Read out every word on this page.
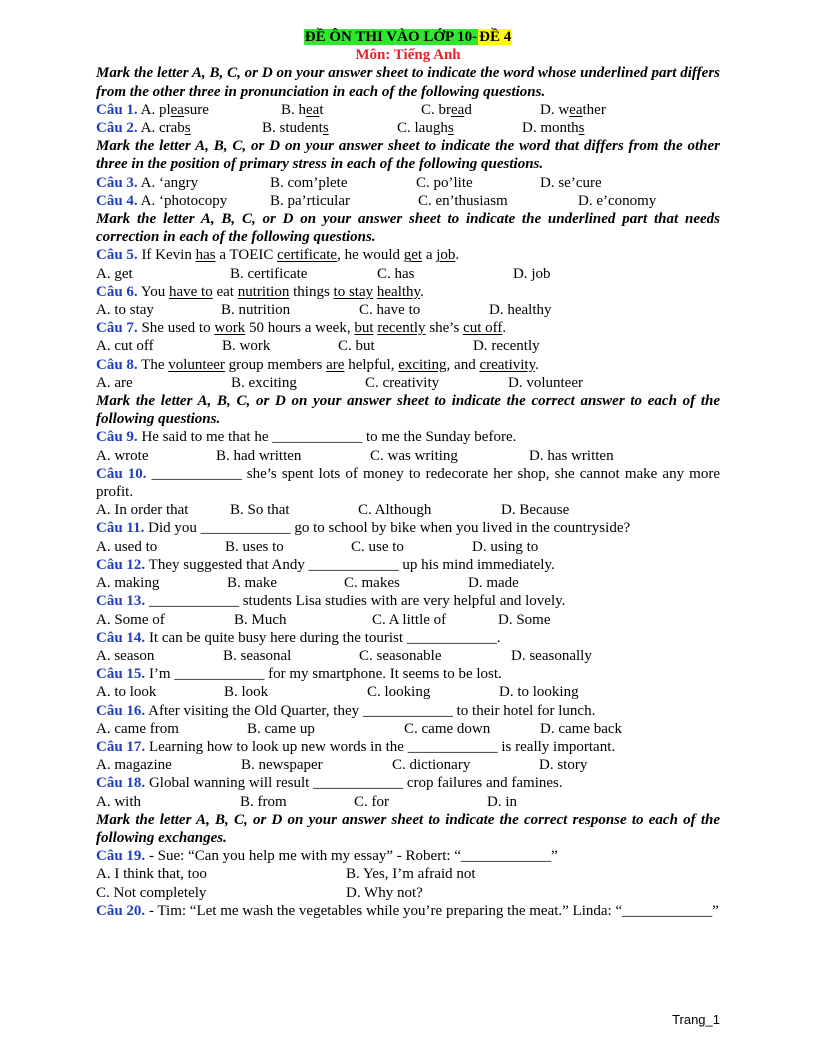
ĐỀ ÔN THI VÀO LỚP 10- ĐỀ 4
Môn: Tiếng Anh
Mark the letter A, B, C, or D on your answer sheet to indicate the word whose underlined part differs from the other three in pronunciation in each of the following questions.
Câu 1. A. pleasure	B. heat	C. bread	D. weather
Câu 2. A. crabs	B. students	C. laughs	D. months
Mark the letter A, B, C, or D on your answer sheet to indicate the word that differs from the other three in the position of primary stress in each of the following questions.
Câu 3. A. ‘angry	B. com’plete	C. po’lite	D. se’cure
Câu 4. A. ‘photocopy	B. pa’rticular	C. en’thusiasm	D. e’conomy
Mark the letter A, B, C, or D on your answer sheet to indicate the underlined part that needs correction in each of the following questions.
Câu 5. If Kevin has a TOEIC certificate, he would get a job.
A. get	B. certificate	C. has	D. job
Câu 6. You have to eat nutrition things to stay healthy.
A. to stay	B. nutrition	C. have to	D. healthy
Câu 7. She used to work 50 hours a week, but recently she’s cut off.
A. cut off	B. work	C. but	D. recently
Câu 8. The volunteer group members are helpful, exciting, and creativity.
A. are	B. exciting	C. creativity	D. volunteer
Mark the letter A, B, C, or D on your answer sheet to indicate the correct answer to each of the following questions.
Câu 9. He said to me that he ____________ to me the Sunday before.
A. wrote	B. had written	C. was writing	D. has written
Câu 10. ____________ she’s spent lots of money to redecorate her shop, she cannot make any more profit.
A. In order that	B. So that	C. Although	D. Because
Câu 11. Did you ____________ go to school by bike when you lived in the countryside?
A. used to	B. uses to	C. use to	D. using to
Câu 12. They suggested that Andy ____________ up his mind immediately.
A. making	B. make	C. makes	D. made
Câu 13. ____________ students Lisa studies with are very helpful and lovely.
A. Some of	B. Much	C. A little of	D. Some
Câu 14. It can be quite busy here during the tourist ____________.
A. season	B. seasonal	C. seasonable	D. seasonally
Câu 15. I’m ____________ for my smartphone. It seems to be lost.
A. to look	B. look	C. looking	D. to looking
Câu 16. After visiting the Old Quarter, they ____________ to their hotel for lunch.
A. came from	B. came up	C. came down	D. came back
Câu 17. Learning how to look up new words in the ____________ is really important.
A. magazine	B. newspaper	C. dictionary	D. story
Câu 18. Global wanning will result ____________ crop failures and famines.
A. with	B. from	C. for	D. in
Mark the letter A, B, C, or D on your answer sheet to indicate the correct response to each of the following exchanges.
Câu 19. - Sue: “Can you help me with my essay” - Robert: “____________”
A. I think that, too	B. Yes, I’m afraid not
C. Not completely	D. Why not?
Câu 20. - Tim: “Let me wash the vegetables while you’re preparing the meat.” Linda: “____________”
Trang_1
